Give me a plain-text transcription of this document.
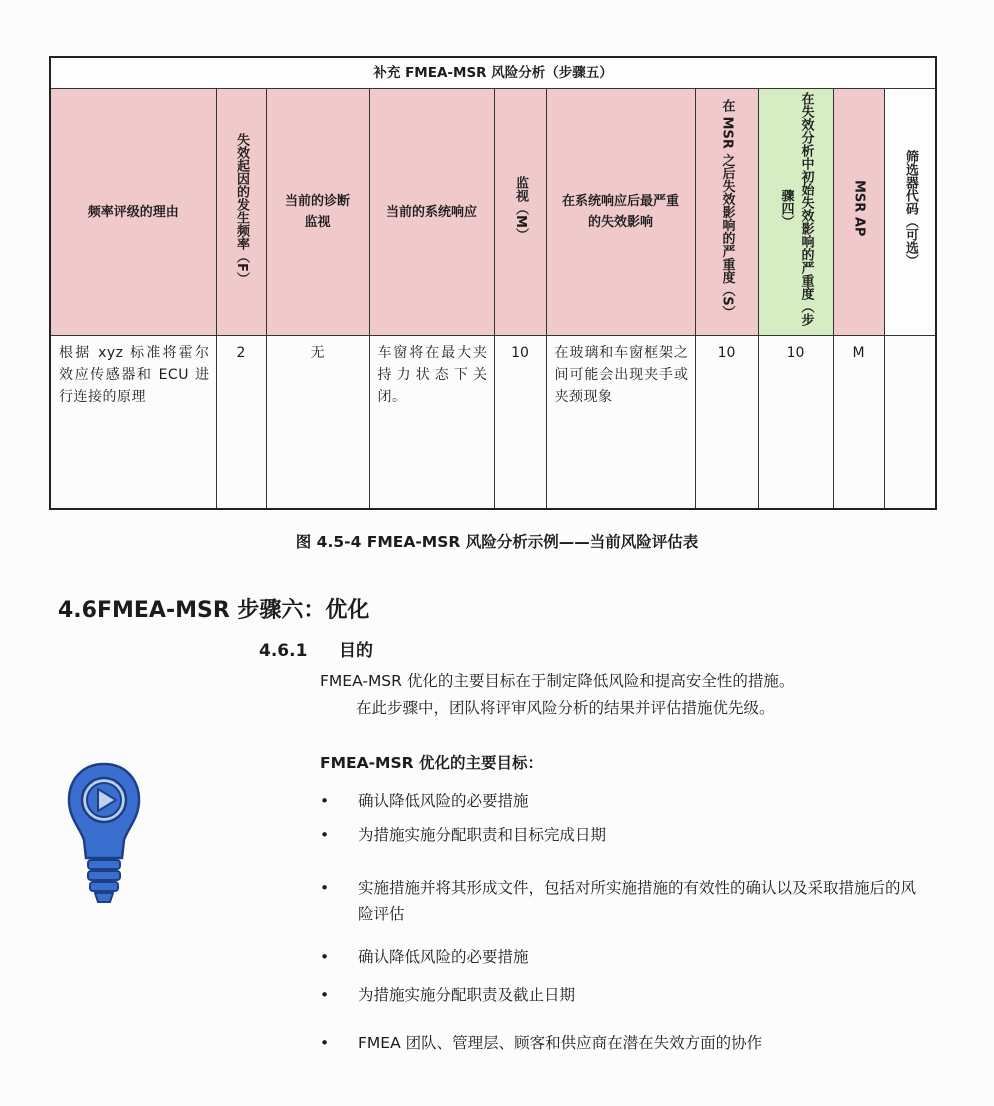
补充 FMEA-MSR 风险分析（步骤五）									

频率评级的理由	失效起因的发生频率（F）	当前的诊断监视	当前的系统响应	监视（M）	在系统响应后最严重的失效影响	在 MSR 之后失效影响的严重度（S）	在失效分析中初始失效影响的严重度（步骤四）	MSR AP	筛选器代码（可选）
根据 xyz 标准将霍尔效应传感器和 ECU 进行连接的原理	2	无	车窗将在最大夹持力状态下关闭。	10	在玻璃和车窗框架之间可能会出现夹手或夹颈现象	10	10	M	
图 4.5-4 FMEA-MSR 风险分析示例——当前风险评估表
4.6FMEA-MSR 步骤六：优化
4.6.1 目的
FMEA-MSR 优化的主要目标在于制定降低风险和提高安全性的措施。
在此步骤中，团队将评审风险分析的结果并评估措施优先级。
FMEA-MSR 优化的主要目标：
•	确认降低风险的必要措施
•	为措施实施分配职责和目标完成日期
•	实施措施并将其形成文件，包括对所实施措施的有效性的确认以及采取措施后的风险评估
•	确认降低风险的必要措施
•	为措施实施分配职责及截止日期
•	FMEA 团队、管理层、顾客和供应商在潜在失效方面的协作
